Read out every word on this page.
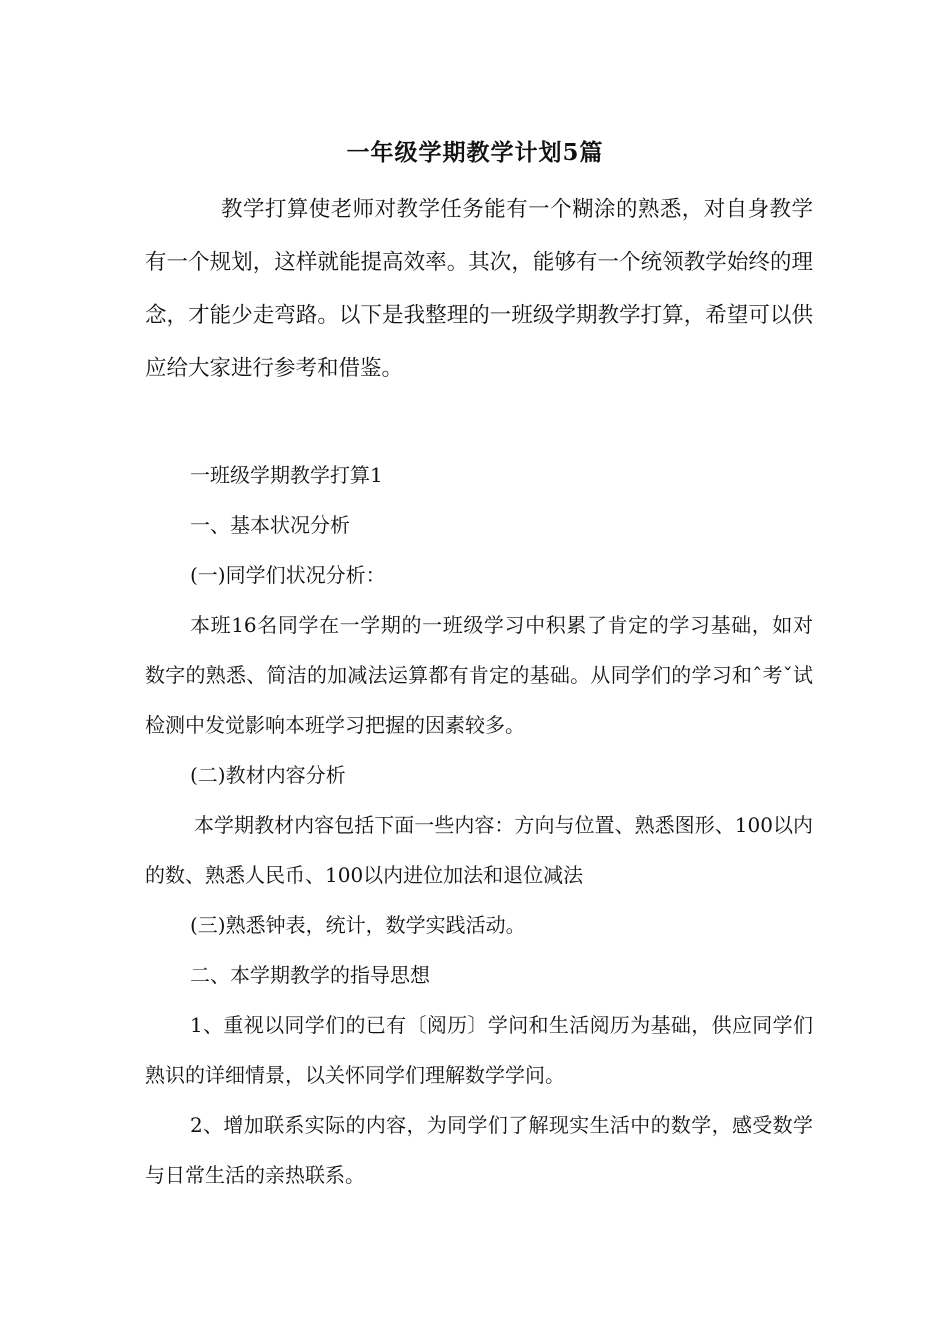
一年级学期教学计划5篇
教学打算使老师对教学任务能有一个糊涂的熟悉，对自身教学有一个规划，这样就能提高效率。其次，能够有一个统领教学始终的理念，才能少走弯路。以下是我整理的一班级学期教学打算，希望可以供应给大家进行参考和借鉴。

一班级学期教学打算1

一、基本状况分析

(一)同学们状况分析：

本班16名同学在一学期的一班级学习中积累了肯定的学习基础，如对数字的熟悉、简洁的加减法运算都有肯定的基础。从同学们的学习和ˆ考ˇ试检测中发觉影响本班学习把握的因素较多。

(二)教材内容分析

本学期教材内容包括下面一些内容：方向与位置、熟悉图形、100以内的数、熟悉人民币、100以内进位加法和退位减法

(三)熟悉钟表，统计，数学实践活动。

二、本学期教学的指导思想

1、重视以同学们的已有〔阅历〕学问和生活阅历为基础，供应同学们熟识的详细情景，以关怀同学们理解数学学问。

2、增加联系实际的内容，为同学们了解现实生活中的数学，感受数学与日常生活的亲热联系。
